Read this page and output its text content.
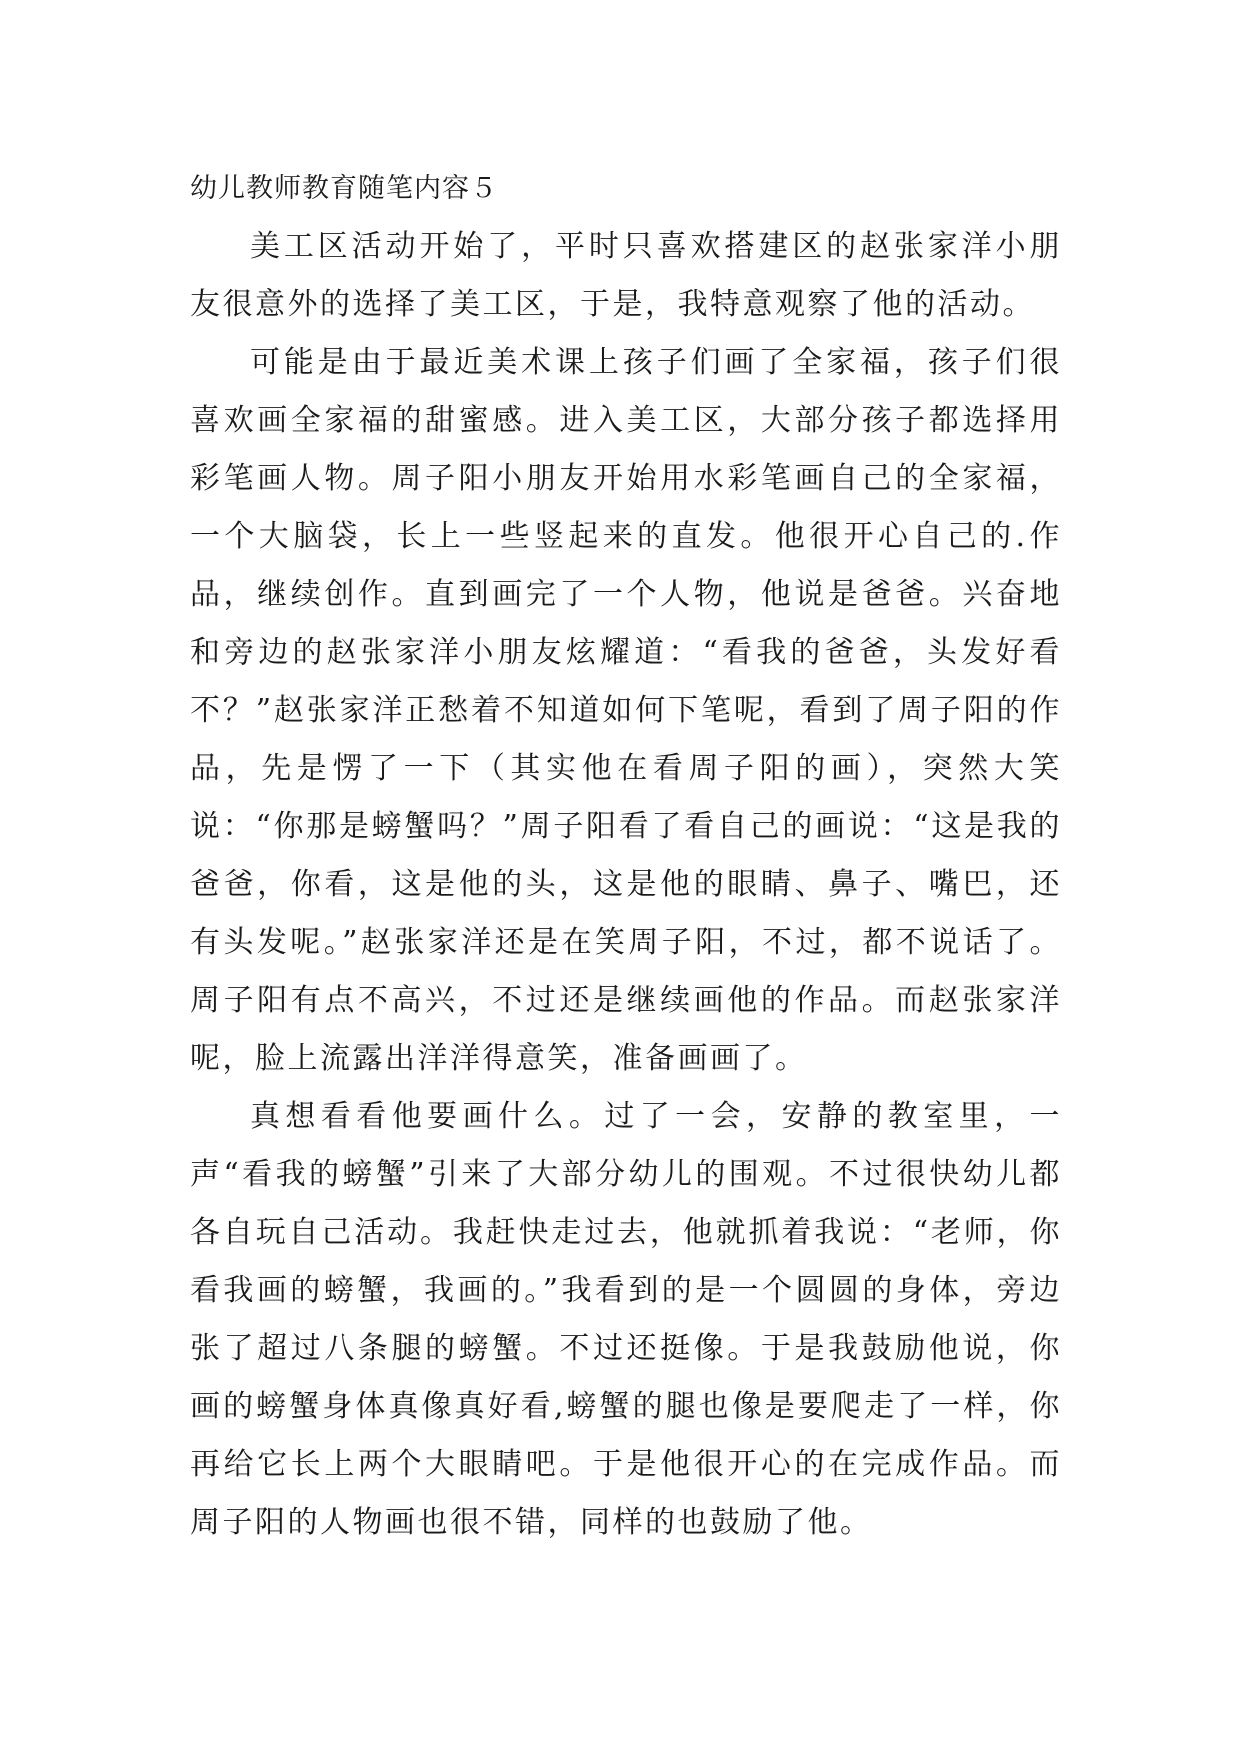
幼儿教师教育随笔内容５

美工区活动开始了，平时只喜欢搭建区的赵张家洋小朋友很意外的选择了美工区，于是，我特意观察了他的活动。

可能是由于最近美术课上孩子们画了全家福，孩子们很喜欢画全家福的甜蜜感。进入美工区，大部分孩子都选择用彩笔画人物。周子阳小朋友开始用水彩笔画自己的全家福，一个大脑袋，长上一些竖起来的直发。他很开心自己的.作品，继续创作。直到画完了一个人物，他说是爸爸。兴奋地和旁边的赵张家洋小朋友炫耀道：“看我的爸爸，头发好看不？”赵张家洋正愁着不知道如何下笔呢，看到了周子阳的作品，先是愣了一下（其实他在看周子阳的画），突然大笑说：“你那是螃蟹吗？”周子阳看了看自己的画说：“这是我的爸爸，你看，这是他的头，这是他的眼睛、鼻子、嘴巴，还有头发呢。”赵张家洋还是在笑周子阳，不过，都不说话了。周子阳有点不高兴，不过还是继续画他的作品。而赵张家洋呢，脸上流露出洋洋得意笑，准备画画了。

真想看看他要画什么。过了一会，安静的教室里，一声“看我的螃蟹”引来了大部分幼儿的围观。不过很快幼儿都各自玩自己活动。我赶快走过去，他就抓着我说：“老师，你看我画的螃蟹，我画的。”我看到的是一个圆圆的身体，旁边张了超过八条腿的螃蟹。不过还挺像。于是我鼓励他说，你画的螃蟹身体真像真好看,螃蟹的腿也像是要爬走了一样，你再给它长上两个大眼睛吧。于是他很开心的在完成作品。而周子阳的人物画也很不错，同样的也鼓励了他。
